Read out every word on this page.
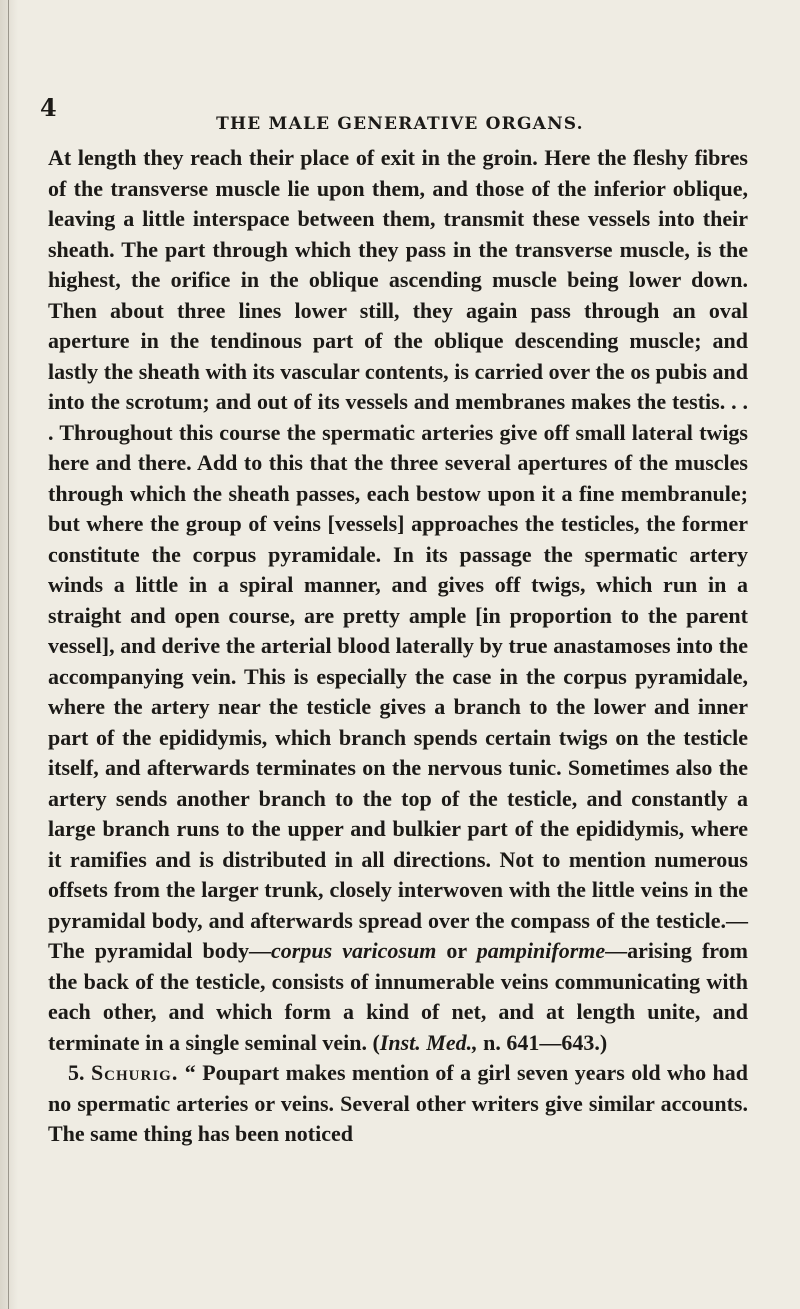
4
THE MALE GENERATIVE ORGANS.

At length they reach their place of exit in the groin. Here the fleshy fibres of the transverse muscle lie upon them, and those of the inferior oblique, leaving a little interspace between them, transmit these vessels into their sheath. The part through which they pass in the transverse muscle, is the highest, the orifice in the oblique ascending muscle being lower down. Then about three lines lower still, they again pass through an oval aperture in the tendinous part of the oblique descending muscle; and lastly the sheath with its vascular contents, is carried over the os pubis and into the scrotum; and out of its vessels and membranes makes the testis. . . . Throughout this course the spermatic arteries give off small lateral twigs here and there. Add to this that the three several apertures of the muscles through which the sheath passes, each bestow upon it a fine membranule; but where the group of veins [vessels] approaches the testicles, the former constitute the corpus pyramidale. In its passage the spermatic artery winds a little in a spiral manner, and gives off twigs, which run in a straight and open course, are pretty ample [in proportion to the parent vessel], and derive the arterial blood laterally by true anastamoses into the accompanying vein. This is especially the case in the corpus pyramidale, where the artery near the testicle gives a branch to the lower and inner part of the epididymis, which branch spends certain twigs on the testicle itself, and afterwards terminates on the nervous tunic. Sometimes also the artery sends another branch to the top of the testicle, and constantly a large branch runs to the upper and bulkier part of the epididymis, where it ramifies and is distributed in all directions. Not to mention numerous offsets from the larger trunk, closely interwoven with the little veins in the pyramidal body, and afterwards spread over the compass of the testicle.—The pyramidal body—corpus varicosum or pampiniforme—arising from the back of the testicle, consists of innumerable veins communicating with each other, and which form a kind of net, and at length unite, and terminate in a single seminal vein. (Inst. Med., n. 641—643.)

5. Schurig. “ Poupart makes mention of a girl seven years old who had no spermatic arteries or veins. Several other writers give similar accounts. The same thing has been noticed
